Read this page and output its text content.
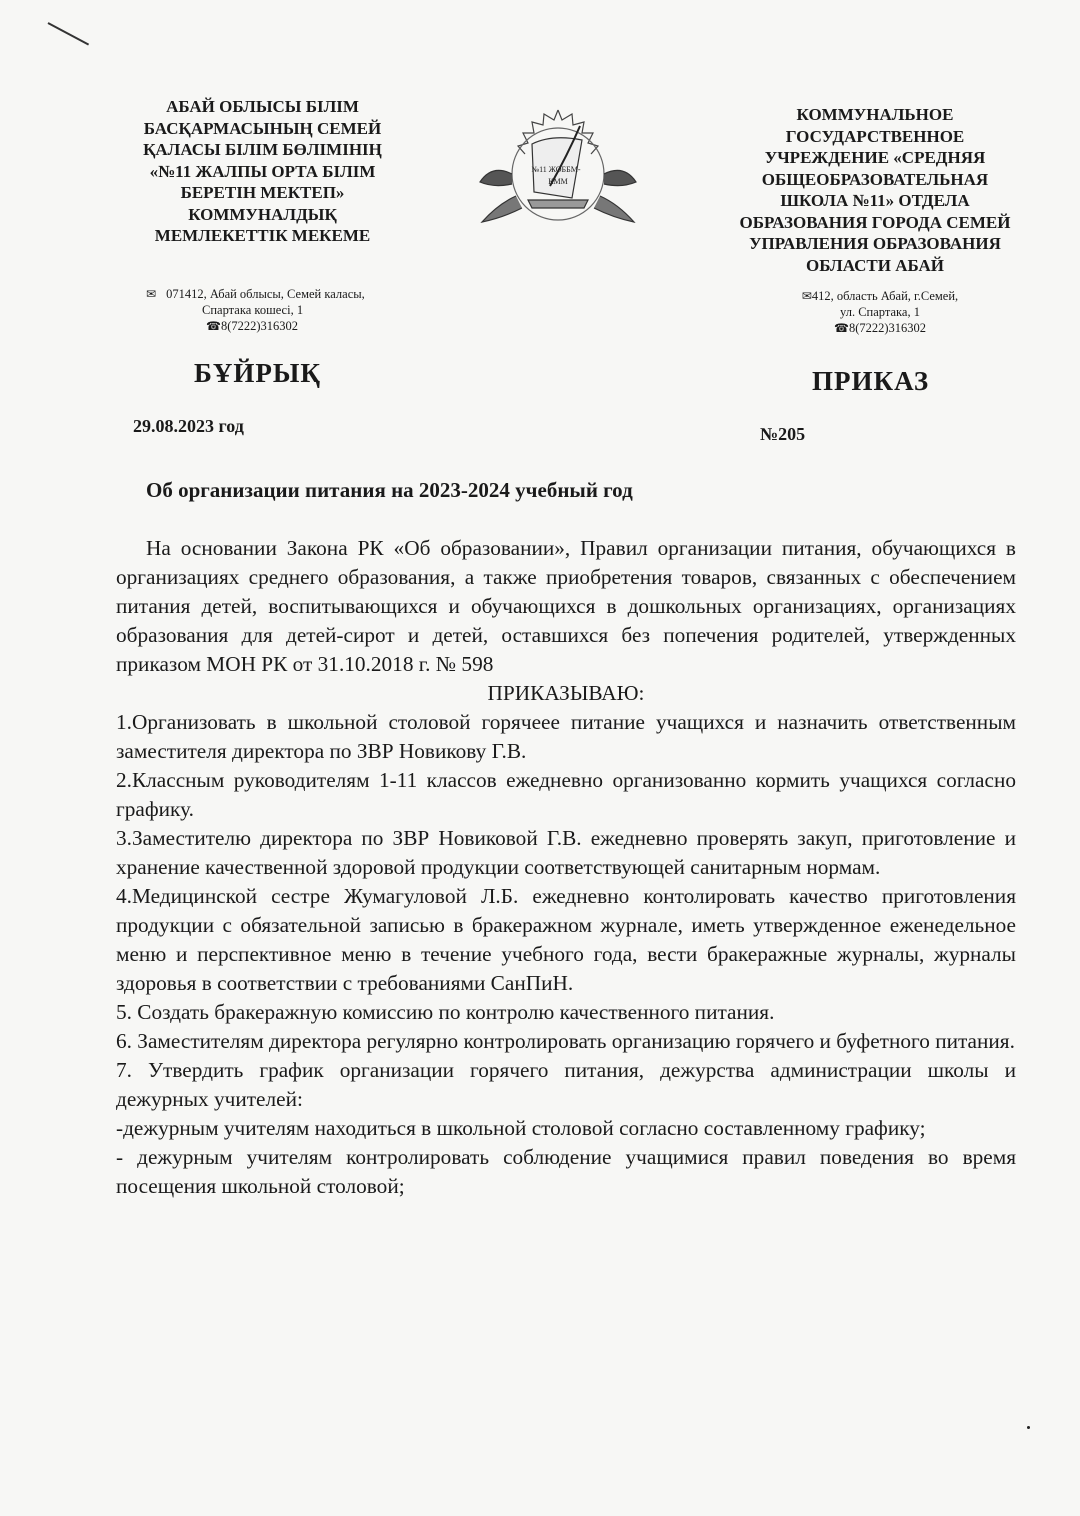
АБАЙ ОБЛЫСЫ БІЛІМ
БАСҚАРМАСЫНЫҢ СЕМЕЙ
ҚАЛАСЫ БІЛІМ БӨЛІМІНІҢ
«№11 ЖАЛПЫ ОРТА БІЛІМ
БЕРЕТІН МЕКТЕП»
КОММУНАЛДЫҚ
МЕМЛЕКЕТТІК МЕКЕМЕ
№11 ЖОББМ-
КММ
КОММУНАЛЬНОЕ
ГОСУДАРСТВЕННОЕ
УЧРЕЖДЕНИЕ «СРЕДНЯЯ
ОБЩЕОБРАЗОВАТЕЛЬНАЯ
ШКОЛА №11» ОТДЕЛА
ОБРАЗОВАНИЯ ГОРОДА СЕМЕЙ
УПРАВЛЕНИЯ ОБРАЗОВАНИЯ
ОБЛАСТИ АБАЙ
✉ 071412, Абай облысы, Семей каласы,
Спартака кошесі, 1
☎8(7222)316302
✉412, область Абай, г.Семей,
ул. Спартака, 1
☎8(7222)316302
БҰЙРЫҚ	ПРИКАЗ
29.08.2023 год	№205
Об организации питания на 2023-2024 учебный год

На основании Закона РК «Об образовании», Правил организации питания, обучающихся в организациях среднего образования, а также приобретения товаров, связанных с обеспечением питания детей, воспитывающихся и обучающихся в дошкольных организациях, организациях образования для детей-сирот и детей, оставшихся без попечения родителей, утвержденных приказом МОН РК от 31.10.2018 г. № 598

ПРИКАЗЫВАЮ:

1.Организовать в школьной столовой горячеее питание учащихся и назначить ответственным заместителя директора по ЗВР Новикову Г.В.

2.Классным руководителям 1-11 классов ежедневно организованно кормить учащихся согласно графику.

3.Заместителю директора по ЗВР Новиковой Г.В. ежедневно проверять закуп, приготовление и хранение качественной здоровой продукции соответствующей санитарным нормам.

4.Медицинской сестре Жумагуловой Л.Б. ежедневно контолировать качество приготовления продукции с обязательной записью в бракеражном журнале, иметь утвержденное еженедельное меню и перспективное меню в течение учебного года, вести бракеражные журналы, журналы здоровья в соответствии с требованиями СанПиН.

5. Создать бракеражную комиссию по контролю качественного питания.

6. Заместителям директора регулярно контролировать организацию горячего и буфетного питания.

7. Утвердить график организации горячего питания, дежурства администрации школы и дежурных учителей:

-дежурным учителям находиться в школьной столовой согласно составленному графику;

- дежурным учителям контролировать соблюдение учащимися правил поведения во время посещения школьной столовой;
